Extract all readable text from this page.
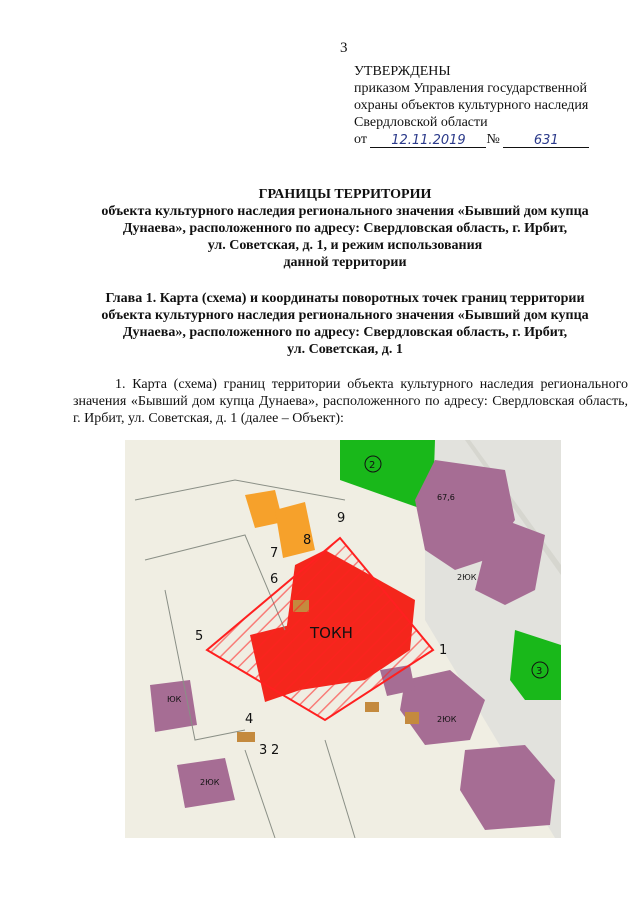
3
УТВЕРЖДЕНЫ
приказом Управления государственной
охраны объектов культурного наследия
Свердловской области
от 12.11.2019 №	631
ГРАНИЦЫ ТЕРРИТОРИИ
объекта культурного наследия регионального значения «Бывший дом купца
Дунаева», расположенного по адресу: Свердловская область, г. Ирбит,
ул. Советская, д. 1, и режим использования
данной территории
Глава 1. Карта (схема) и координаты поворотных точек границ территории
объекта культурного наследия регионального значения «Бывший дом купца
Дунаева», расположенного по адресу: Свердловская область, г. Ирбит,
ул. Советская, д. 1
1. Карта (схема) границ территории объекта культурного наследия регионального значения «Бывший дом купца Дунаева», расположенного по адресу: Свердловская область, г. Ирбит, ул. Советская, д. 1 (далее – Объект):
9
8
7
6
5
1
4
3 2
ТОКН
2ЮК
ЮК
2ЮК
2ЮК
67,6
2
3
